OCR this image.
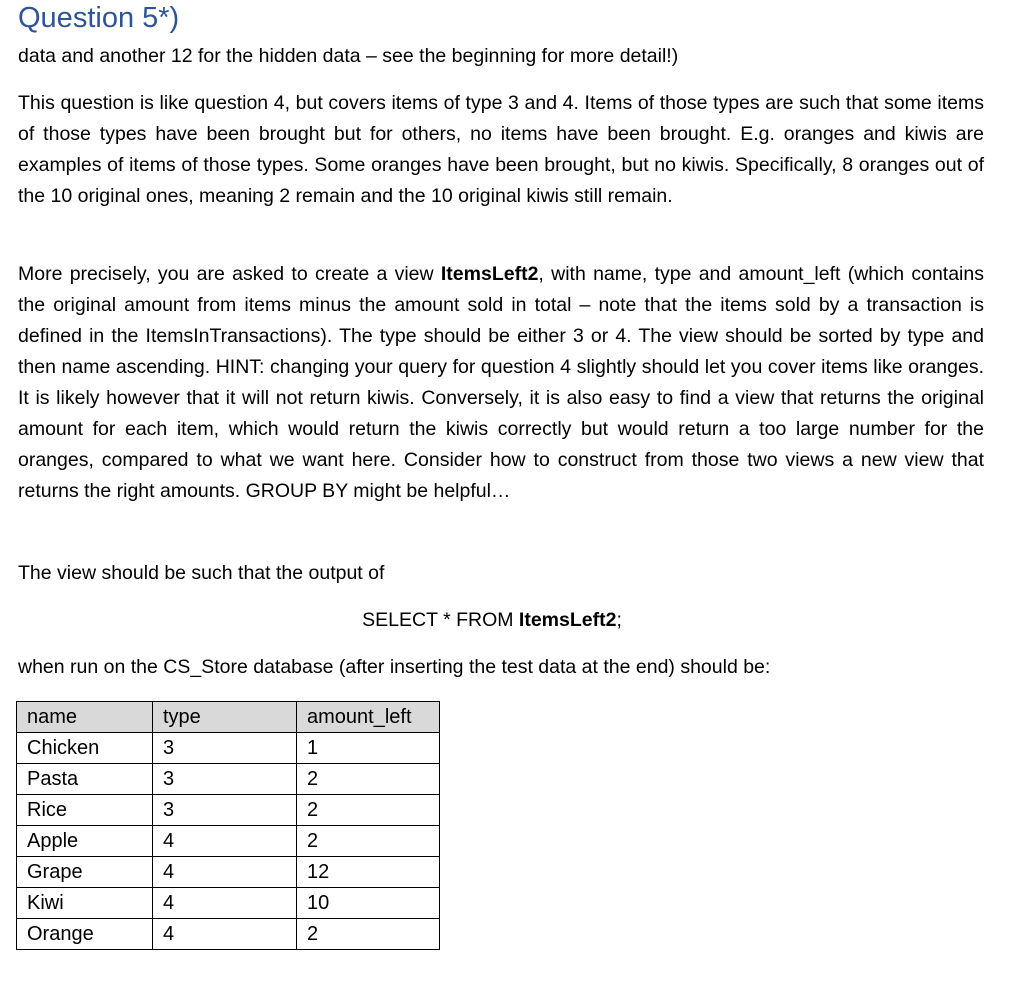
Question 5*)

data and another 12 for the hidden data – see the beginning for more detail!)

This question is like question 4, but covers items of type 3 and 4. Items of those types are such that some items of those types have been brought but for others, no items have been brought. E.g. oranges and kiwis are examples of items of those types. Some oranges have been brought, but no kiwis. Specifically, 8 oranges out of the 10 original ones, meaning 2 remain and the 10 original kiwis still remain.

More precisely, you are asked to create a view ItemsLeft2, with name, type and amount_left (which contains the original amount from items minus the amount sold in total – note that the items sold by a transaction is defined in the ItemsInTransactions). The type should be either 3 or 4. The view should be sorted by type and then name ascending. HINT: changing your query for question 4 slightly should let you cover items like oranges. It is likely however that it will not return kiwis. Conversely, it is also easy to find a view that returns the original amount for each item, which would return the kiwis correctly but would return a too large number for the oranges, compared to what we want here. Consider how to construct from those two views a new view that returns the right amounts. GROUP BY might be helpful…

The view should be such that the output of

SELECT * FROM ItemsLeft2;

when run on the CS_Store database (after inserting the test data at the end) should be:

name	type	amount_left
Chicken	3	1
Pasta	3	2
Rice	3	2
Apple	4	2
Grape	4	12
Kiwi	4	10
Orange	4	2
